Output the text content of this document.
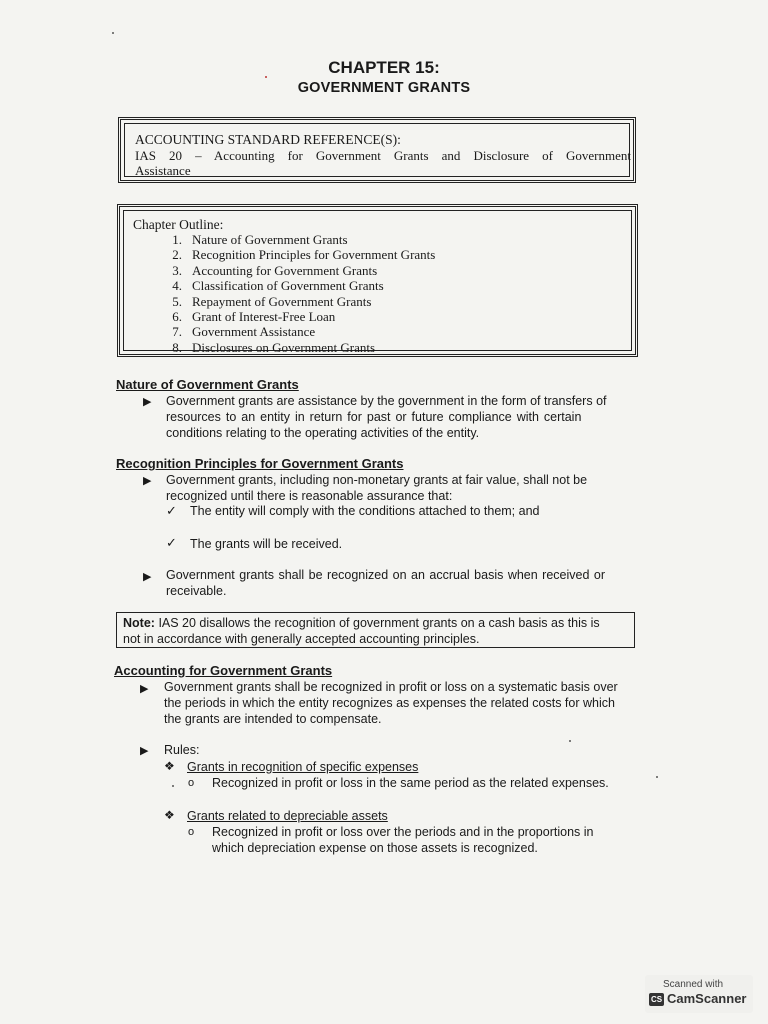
CHAPTER 15:
GOVERNMENT GRANTS
ACCOUNTING STANDARD REFERENCE(S):
IAS 20 – Accounting for Government Grants and Disclosure of Government
Assistance
Chapter Outline:
1. Nature of Government Grants
2. Recognition Principles for Government Grants
3. Accounting for Government Grants
4. Classification of Government Grants
5. Repayment of Government Grants
6. Grant of Interest-Free Loan
7. Government Assistance
8. Disclosures on Government Grants
Nature of Government Grants
▶ Government grants are assistance by the government in the form of transfers of
resources to an entity in return for past or future compliance with certain
conditions relating to the operating activities of the entity.
Recognition Principles for Government Grants
▶ Government grants, including non-monetary grants at fair value, shall not be
recognized until there is reasonable assurance that:
✓ The entity will comply with the conditions attached to them; and
✓ The grants will be received.
▶ Government grants shall be recognized on an accrual basis when received or
receivable.
Note: IAS 20 disallows the recognition of government grants on a cash basis as this is
not in accordance with generally accepted accounting principles.
Accounting for Government Grants
▶ Government grants shall be recognized in profit or loss on a systematic basis over
the periods in which the entity recognizes as expenses the related costs for which
the grants are intended to compensate.
▶ Rules:
❖ Grants in recognition of specific expenses
o Recognized in profit or loss in the same period as the related expenses.
❖ Grants related to depreciable assets
o Recognized in profit or loss over the periods and in the proportions in
which depreciation expense on those assets is recognized.
Scanned with
CS CamScanner
